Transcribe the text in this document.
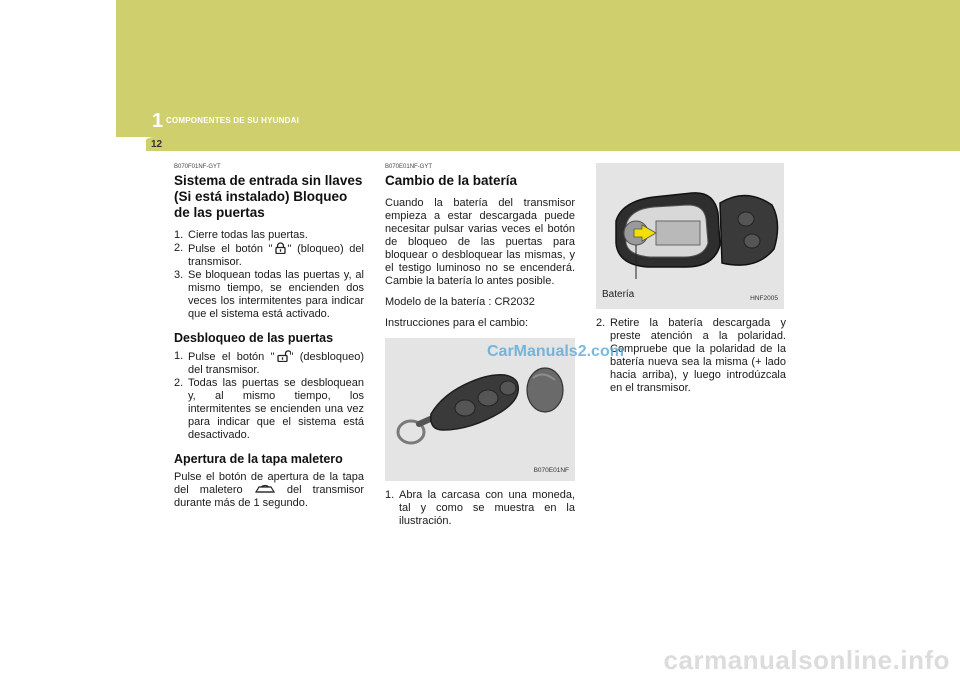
1 COMPONENTES DE SU HYUNDAI
12
B070F01NF-GYT
Sistema de entrada sin llaves (Si está instalado) Bloqueo de las puertas
1. Cierre todas las puertas.
2. Pulse el botón " " (bloqueo) del transmisor.
3. Se bloquean todas las puertas y, al mismo tiempo, se encienden dos veces los intermitentes para indicar que el sistema está activado.
Desbloqueo de las puertas
1. Pulse el botón " " (desbloqueo) del transmisor.
2. Todas las puertas se desbloquean y, al mismo tiempo, los intermitentes se encienden una vez para indicar que el sistema está desactivado.
Apertura de la tapa maletero

Pulse el botón de apertura de la tapa del maletero	del transmisor durante más de 1 segundo.

B070E01NF-GYT
Cambio de la batería

Cuando la batería del transmisor empieza a estar descargada puede necesitar pulsar varias veces el botón de bloqueo de las puertas para bloquear o desbloquear las mismas, y el testigo luminoso no se encenderá. Cambie la batería lo antes posible.

Modelo de la batería : CR2032

Instrucciones para el cambio:

B070E01NF
1. Abra la carcasa con una moneda, tal y como se muestra en la ilustración.
Batería	HNF2005
2. Retire la batería descargada y preste atención a la polaridad. Compruebe que la polaridad de la batería nueva sea la misma (+ lado hacia arriba), y luego introdúzcala en el transmisor.
CarManuals2.com
carmanualsonline.info
